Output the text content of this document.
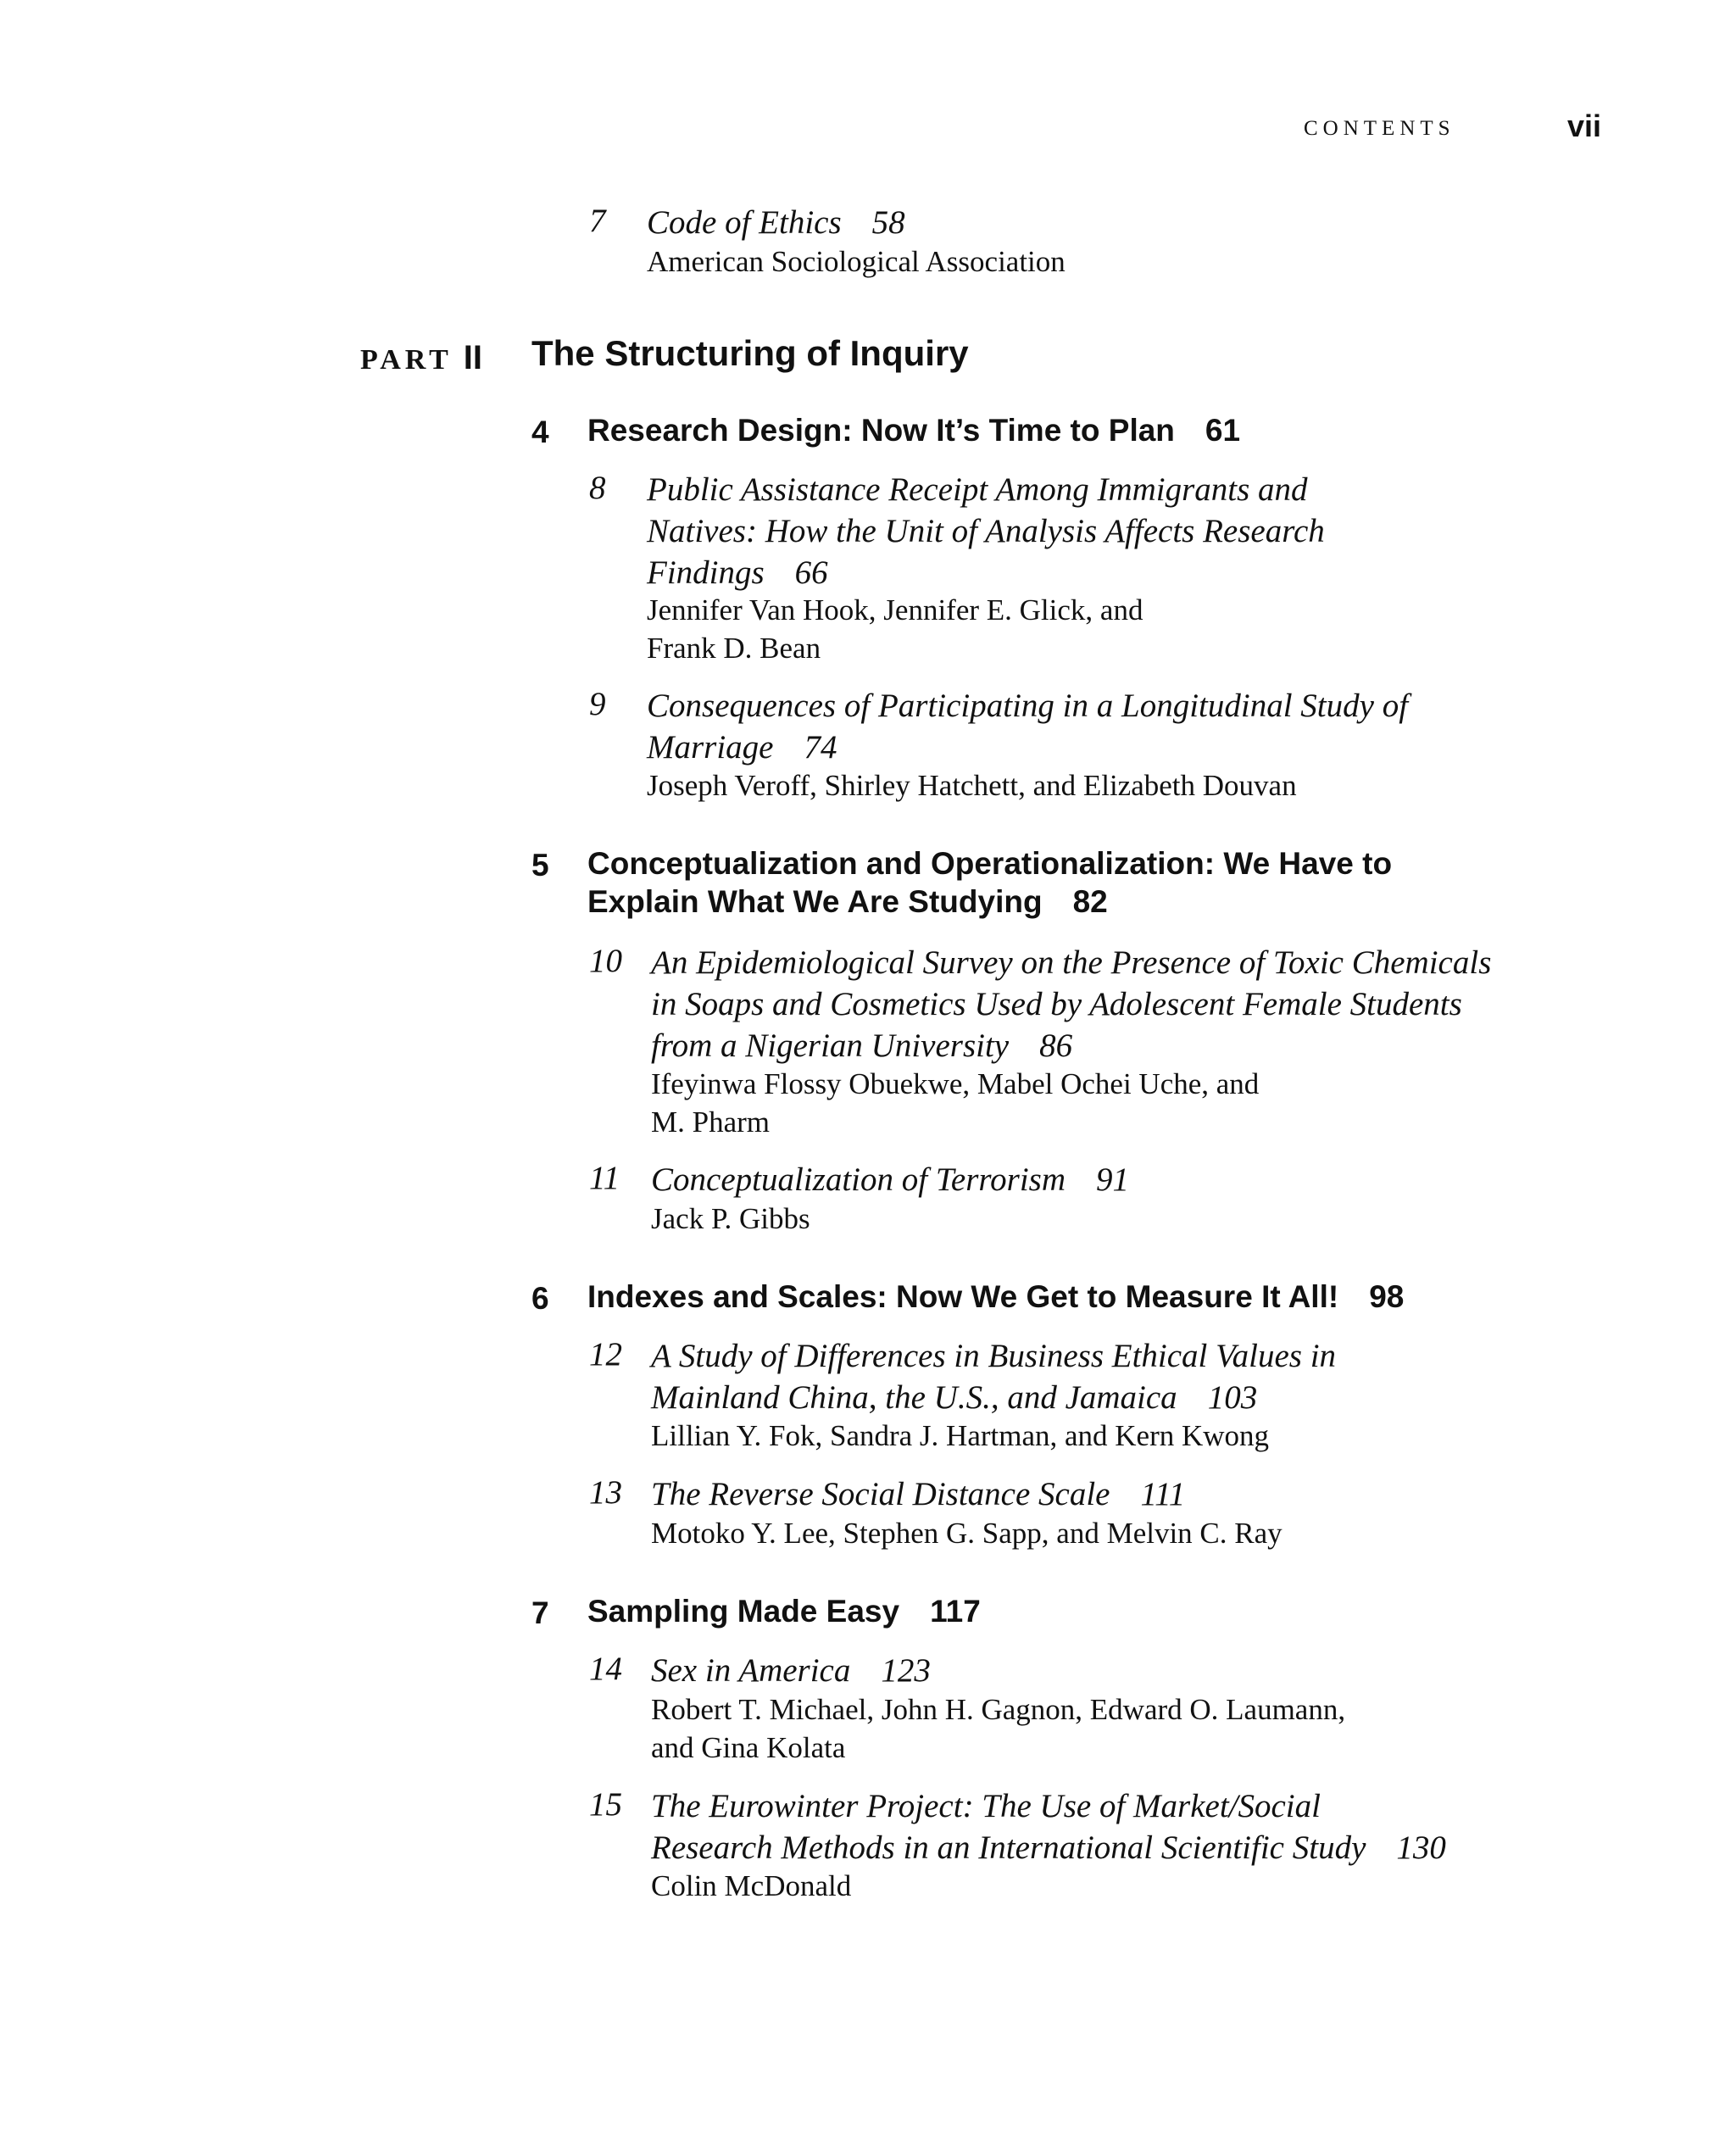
CONTENTS	vii
7 Code of Ethics 58
American Sociological Association
PART II The Structuring of Inquiry
4 Research Design: Now It’s Time to Plan 61
8 Public Assistance Receipt Among Immigrants and
Natives: How the Unit of Analysis Affects Research
Findings 66
Jennifer Van Hook, Jennifer E. Glick, and
Frank D. Bean
9 Consequences of Participating in a Longitudinal Study of
Marriage 74
Joseph Veroff, Shirley Hatchett, and Elizabeth Douvan
5 Conceptualization and Operationalization: We Have to
Explain What We Are Studying 82
10 An Epidemiological Survey on the Presence of Toxic Chemicals
in Soaps and Cosmetics Used by Adolescent Female Students
from a Nigerian University 86
Ifeyinwa Flossy Obuekwe, Mabel Ochei Uche, and
M. Pharm
11 Conceptualization of Terrorism 91
Jack P. Gibbs
6 Indexes and Scales: Now We Get to Measure It All! 98
12 A Study of Differences in Business Ethical Values in
Mainland China, the U.S., and Jamaica 103
Lillian Y. Fok, Sandra J. Hartman, and Kern Kwong
13 The Reverse Social Distance Scale 111
Motoko Y. Lee, Stephen G. Sapp, and Melvin C. Ray
7 Sampling Made Easy 117
14 Sex in America 123
Robert T. Michael, John H. Gagnon, Edward O. Laumann,
and Gina Kolata
15 The Eurowinter Project: The Use of Market/Social
Research Methods in an International Scientific Study 130
Colin McDonald
